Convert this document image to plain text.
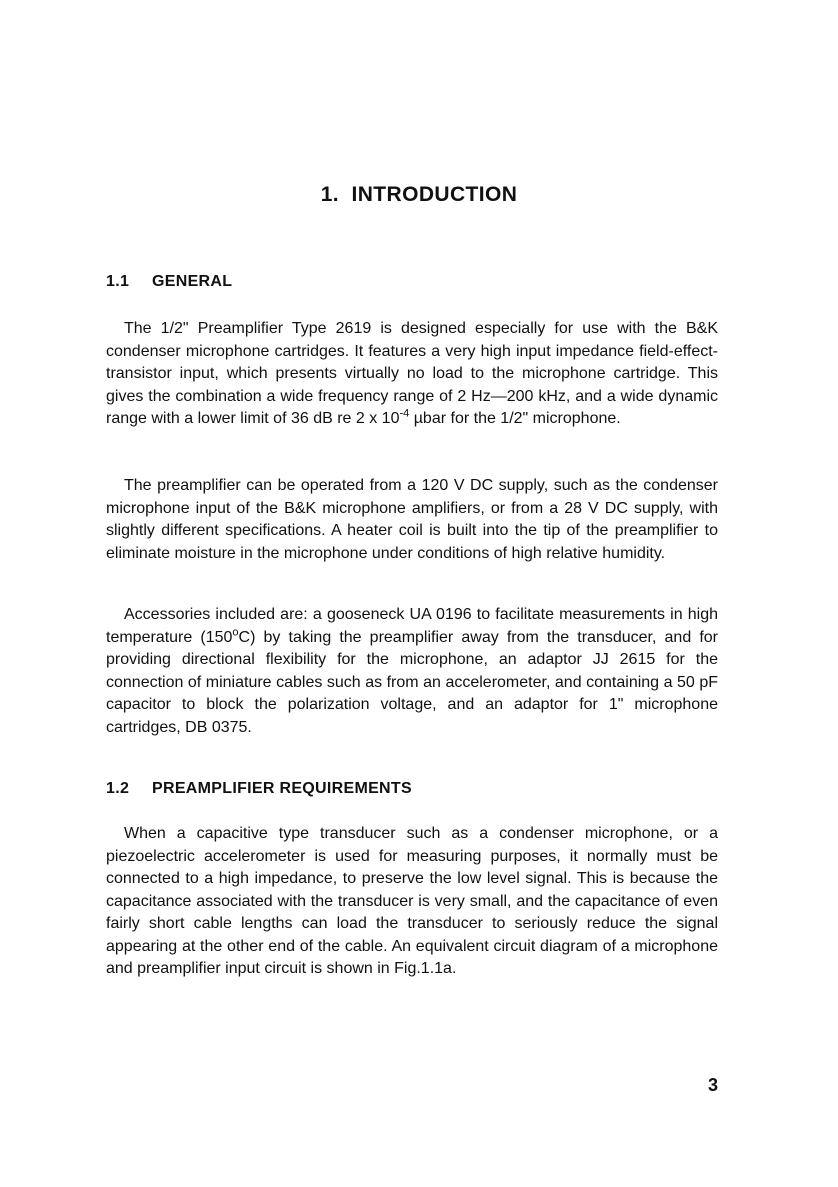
1. INTRODUCTION
1.1 GENERAL

The 1/2" Preamplifier Type 2619 is designed especially for use with the B&K condenser microphone cartridges. It features a very high input impedance field-effect-transistor input, which presents virtually no load to the microphone cartridge. This gives the combination a wide frequency range of 2 Hz—200 kHz, and a wide dynamic range with a lower limit of 36 dB re 2 x $10^{-4}$ µbar for the 1/2" microphone.

The preamplifier can be operated from a 120 V DC supply, such as the condenser microphone input of the B&K microphone amplifiers, or from a 28 V DC supply, with slightly different specifications. A heater coil is built into the tip of the preamplifier to eliminate moisture in the microphone under conditions of high relative humidity.

Accessories included are: a gooseneck UA 0196 to facilitate measurements in high temperature (150$^o$C) by taking the preamplifier away from the transducer, and for providing directional flexibility for the microphone, an adaptor JJ 2615 for the connection of miniature cables such as from an accelerometer, and containing a 50 pF capacitor to block the polarization voltage, and an adaptor for 1" microphone cartridges, DB 0375.

1.2 PREAMPLIFIER REQUIREMENTS

When a capacitive type transducer such as a condenser microphone, or a piezoelectric accelerometer is used for measuring purposes, it normally must be connected to a high impedance, to preserve the low level signal. This is because the capacitance associated with the transducer is very small, and the capacitance of even fairly short cable lengths can load the transducer to seriously reduce the signal appearing at the other end of the cable. An equivalent circuit diagram of a microphone and preamplifier input circuit is shown in Fig.1.1a.

3
